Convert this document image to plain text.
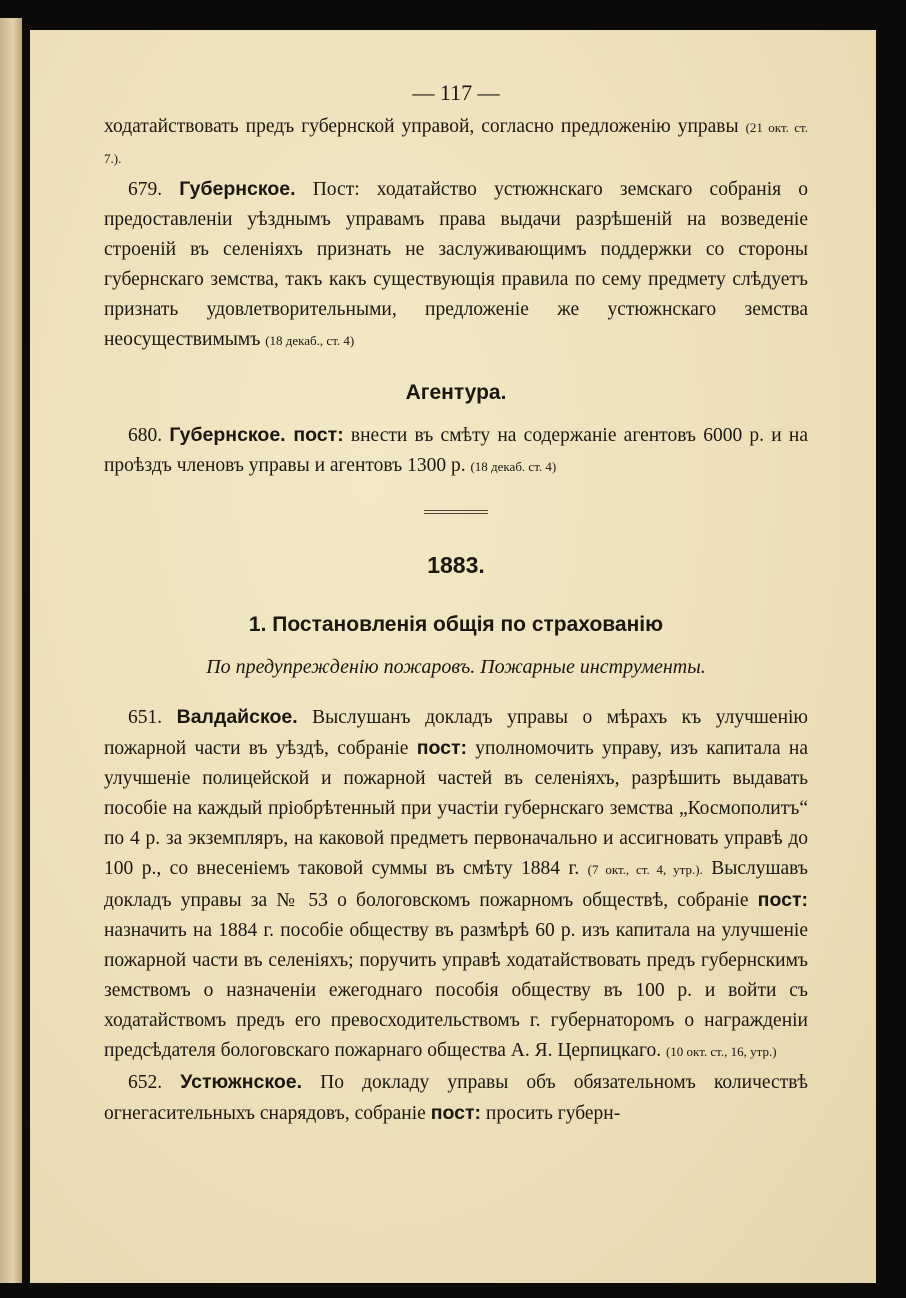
— 117 —

ходатайствовать предъ губернской управой, согласно предложенiю управы (21 окт. ст. 7.).

679. Губернское. Пост: ходатайство устюжнскаго земскаго собранiя о предоставленiи уѣзднымъ управамъ права выдачи разрѣшенiй на возведенiе строенiй въ селенiяхъ признать не заслуживающимъ поддержки со стороны губернскаго земства, такъ какъ существующiя правила по сему предмету слѣдуетъ признать удовлетворительными, предложенiе же устюжнскаго земства неосуществимымъ (18 декаб., ст. 4)

Агентура.

680. Губернское. пост: внести въ смѣту на содержанiе агентовъ 6000 р. и на проѣздъ членовъ управы и агентовъ 1300 р. (18 декаб. ст. 4)

1883.
1. Постановленiя общiя по страхованiю
По предупрежденiю пожаровъ. Пожарные инструменты.

651. Валдайское. Выслушанъ докладъ управы о мѣрахъ къ улучшенiю пожарной части въ уѣздѣ, собранiе пост: уполномочить управу, изъ капитала на улучшенiе полицейской и пожарной частей въ селенiяхъ, разрѣшить выдавать пособiе на каждый прiобрѣтенный при участiи губернскаго земства „Космополитъ“ по 4 р. за экземпляръ, на каковой предметъ первоначально и ассигновать управѣ до 100 р., со внесенiемъ таковой суммы въ смѣту 1884 г. (7 окт., ст. 4, утр.). Выслушавъ докладъ управы за № 53 о бологовскомъ пожарномъ обществѣ, собранiе пост: назначить на 1884 г. пособiе обществу въ размѣрѣ 60 р. изъ капитала на улучшенiе пожарной части въ селенiяхъ; поручить управѣ ходатайствовать предъ губернскимъ земствомъ о назначенiи ежегоднаго пособiя обществу въ 100 р. и войти съ ходатайствомъ предъ его превосходительствомъ г. губернаторомъ о награжденiи предсѣдателя бологовскаго пожарнаго общества А. Я. Церпицкаго. (10 окт. ст., 16, утр.)

652. Устюжнское. По докладу управы объ обязательномъ количествѣ огнегасительныхъ снарядовъ, собранiе пост: просить губерн-
